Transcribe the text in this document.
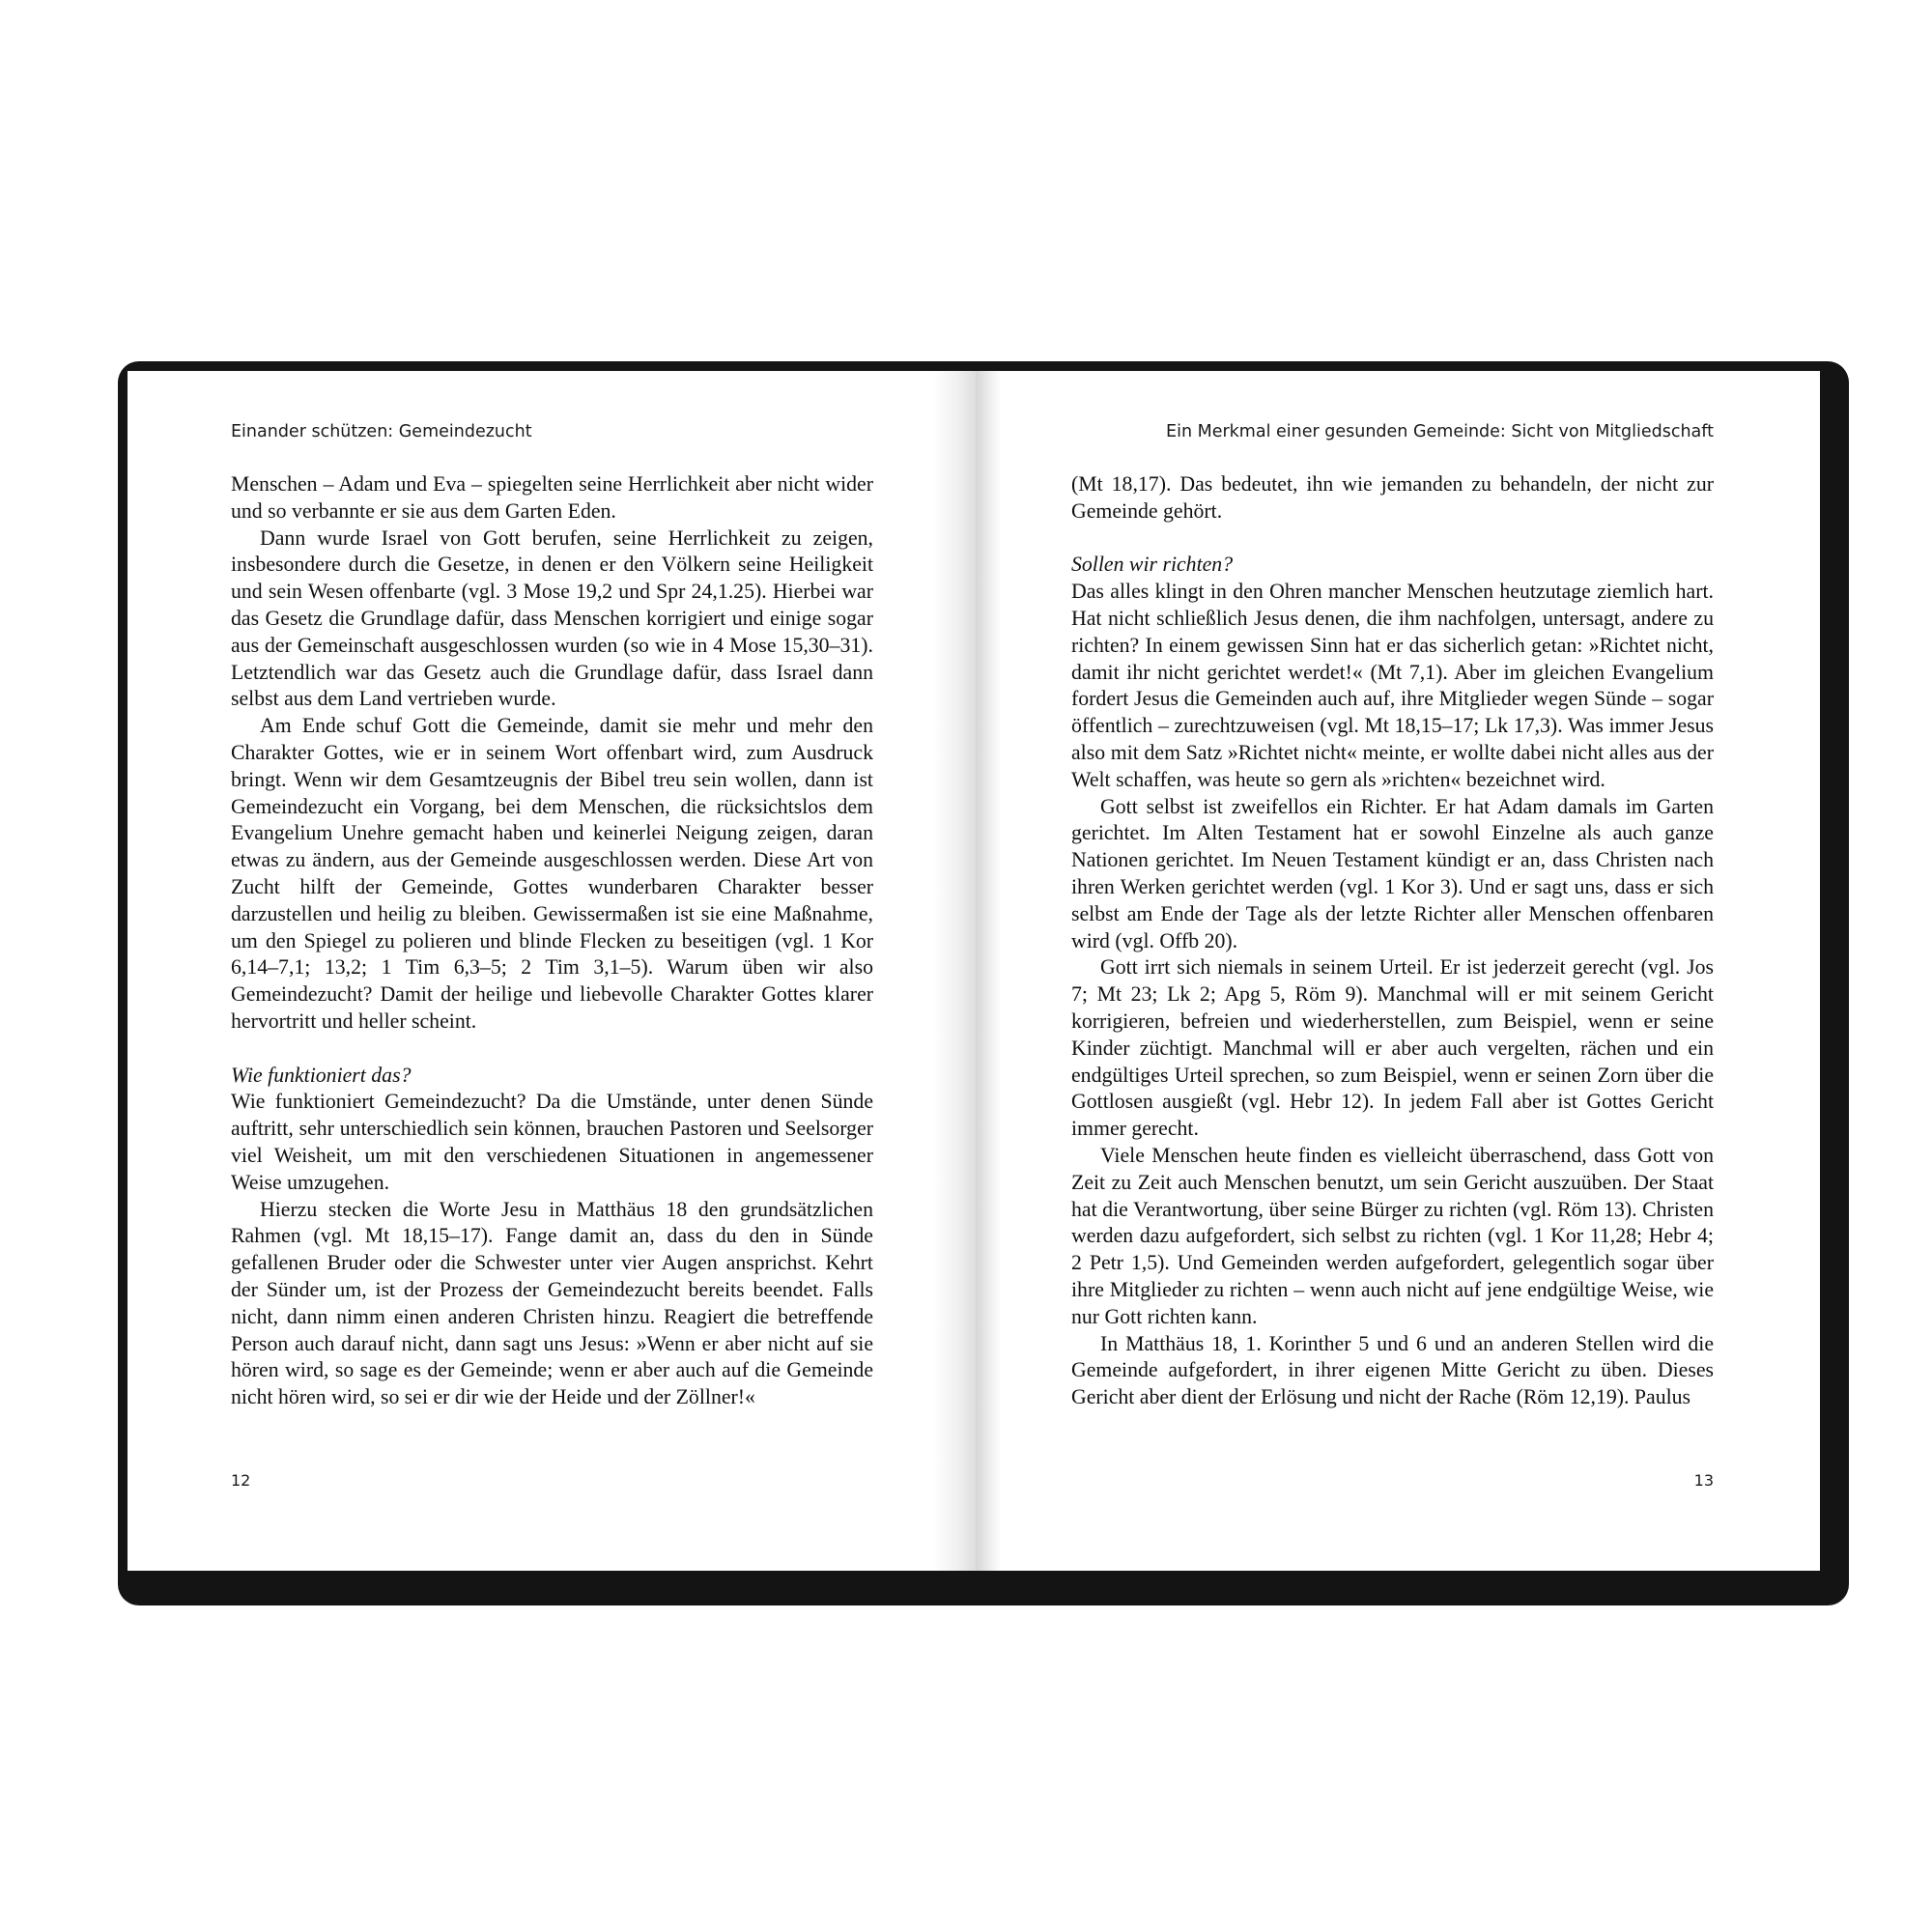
Einander schützen: Gemeindezucht	Ein Merkmal einer gesunden Gemeinde: Sicht von Mitgliedschaft

Menschen – Adam und Eva – spiegelten seine Herrlichkeit aber nicht wider und so verbannte er sie aus dem Garten Eden.

Dann wurde Israel von Gott berufen, seine Herrlichkeit zu zeigen, insbesondere durch die Gesetze, in denen er den Völkern seine Heiligkeit und sein Wesen offenbarte (vgl. 3 Mose 19,2 und Spr 24,1.25). Hierbei war das Gesetz die Grundlage dafür, dass Menschen korrigiert und einige sogar aus der Gemeinschaft ausgeschlossen wurden (so wie in 4 Mose 15,30–31). Letztendlich war das Gesetz auch die Grundlage dafür, dass Israel dann selbst aus dem Land vertrieben wurde.

Am Ende schuf Gott die Gemeinde, damit sie mehr und mehr den Charakter Gottes, wie er in seinem Wort offenbart wird, zum Ausdruck bringt. Wenn wir dem Gesamtzeugnis der Bibel treu sein wollen, dann ist Gemeindezucht ein Vorgang, bei dem Menschen, die rücksichtslos dem Evangelium Unehre gemacht haben und keinerlei Neigung zeigen, daran etwas zu ändern, aus der Gemeinde ausgeschlossen werden. Diese Art von Zucht hilft der Gemeinde, Gottes wunderbaren Charakter besser darzustellen und heilig zu bleiben. Gewissermaßen ist sie eine Maßnahme, um den Spiegel zu polieren und blinde Flecken zu beseitigen (vgl. 1 Kor 6,14–7,1; 13,2; 1 Tim 6,3–5; 2 Tim 3,1–5). Warum üben wir also Gemeindezucht? Damit der heilige und liebevolle Charakter Gottes klarer hervortritt und heller scheint.

Wie funktioniert das?

Wie funktioniert Gemeindezucht? Da die Umstände, unter denen Sünde auftritt, sehr unterschiedlich sein können, brauchen Pastoren und Seelsorger viel Weisheit, um mit den verschiedenen Situationen in angemessener Weise umzugehen.

Hierzu stecken die Worte Jesu in Matthäus 18 den grundsätzlichen Rahmen (vgl. Mt 18,15–17). Fange damit an, dass du den in Sünde gefallenen Bruder oder die Schwester unter vier Augen ansprichst. Kehrt der Sünder um, ist der Prozess der Gemeindezucht bereits beendet. Falls nicht, dann nimm einen anderen Christen hinzu. Reagiert die betreffende Person auch darauf nicht, dann sagt uns Jesus: »Wenn er aber nicht auf sie hören wird, so sage es der Gemeinde; wenn er aber auch auf die Gemeinde nicht hören wird, so sei er dir wie der Heide und der Zöllner!«

(Mt 18,17). Das bedeutet, ihn wie jemanden zu behandeln, der nicht zur Gemeinde gehört.

Sollen wir richten?

Das alles klingt in den Ohren mancher Menschen heutzutage ziemlich hart. Hat nicht schließlich Jesus denen, die ihm nachfolgen, untersagt, andere zu richten? In einem gewissen Sinn hat er das sicherlich getan: »Richtet nicht, damit ihr nicht gerichtet werdet!« (Mt 7,1). Aber im gleichen Evangelium fordert Jesus die Gemeinden auch auf, ihre Mitglieder wegen Sünde – sogar öffentlich – zurechtzuweisen (vgl. Mt 18,15–17; Lk 17,3). Was immer Jesus also mit dem Satz »Richtet nicht« meinte, er wollte dabei nicht alles aus der Welt schaffen, was heute so gern als »richten« bezeichnet wird.

Gott selbst ist zweifellos ein Richter. Er hat Adam damals im Garten gerichtet. Im Alten Testament hat er sowohl Einzelne als auch ganze Nationen gerichtet. Im Neuen Testament kündigt er an, dass Christen nach ihren Werken gerichtet werden (vgl. 1 Kor 3). Und er sagt uns, dass er sich selbst am Ende der Tage als der letzte Richter aller Menschen offenbaren wird (vgl. Offb 20).

Gott irrt sich niemals in seinem Urteil. Er ist jederzeit gerecht (vgl. Jos 7; Mt 23; Lk 2; Apg 5, Röm 9). Manchmal will er mit seinem Gericht korrigieren, befreien und wiederherstellen, zum Beispiel, wenn er seine Kinder züchtigt. Manchmal will er aber auch vergelten, rächen und ein endgültiges Urteil sprechen, so zum Beispiel, wenn er seinen Zorn über die Gottlosen ausgießt (vgl. Hebr 12). In jedem Fall aber ist Gottes Gericht immer gerecht.

Viele Menschen heute finden es vielleicht überraschend, dass Gott von Zeit zu Zeit auch Menschen benutzt, um sein Gericht auszuüben. Der Staat hat die Verantwortung, über seine Bürger zu richten (vgl. Röm 13). Christen werden dazu aufgefordert, sich selbst zu richten (vgl. 1 Kor 11,28; Hebr 4; 2 Petr 1,5). Und Gemeinden werden aufgefordert, gelegentlich sogar über ihre Mitglieder zu richten – wenn auch nicht auf jene endgültige Weise, wie nur Gott richten kann.

In Matthäus 18, 1. Korinther 5 und 6 und an anderen Stellen wird die Gemeinde aufgefordert, in ihrer eigenen Mitte Gericht zu üben. Dieses Gericht aber dient der Erlösung und nicht der Rache (Röm 12,19). Paulus

12	13
